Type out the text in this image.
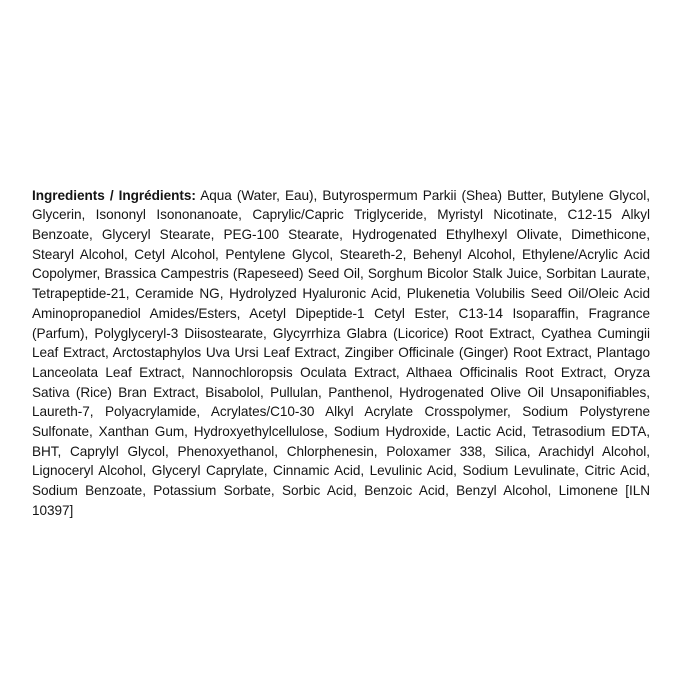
Ingredients / Ingrédients: Aqua (Water, Eau), Butyrospermum Parkii (Shea) Butter, Butylene Glycol, Glycerin, Isononyl Isononanoate, Caprylic/Capric Triglyceride, Myristyl Nicotinate, C12-15 Alkyl Benzoate, Glyceryl Stearate, PEG-100 Stearate, Hydrogenated Ethylhexyl Olivate, Dimethicone, Stearyl Alcohol, Cetyl Alcohol, Pentylene Glycol, Steareth-2, Behenyl Alcohol, Ethylene/Acrylic Acid Copolymer, Brassica Campestris (Rapeseed) Seed Oil, Sorghum Bicolor Stalk Juice, Sorbitan Laurate, Tetrapeptide-21, Ceramide NG, Hydrolyzed Hyaluronic Acid, Plukenetia Volubilis Seed Oil/Oleic Acid Aminopropanediol Amides/Esters, Acetyl Dipeptide-1 Cetyl Ester, C13-14 Isoparaffin, Fragrance (Parfum), Polyglyceryl-3 Diisostearate, Glycyrrhiza Glabra (Licorice) Root Extract, Cyathea Cumingii Leaf Extract, Arctostaphylos Uva Ursi Leaf Extract, Zingiber Officinale (Ginger) Root Extract, Plantago Lanceolata Leaf Extract, Nannochloropsis Oculata Extract, Althaea Officinalis Root Extract, Oryza Sativa (Rice) Bran Extract, Bisabolol, Pullulan, Panthenol, Hydrogenated Olive Oil Unsaponifiables, Laureth-7, Polyacrylamide, Acrylates/C10-30 Alkyl Acrylate Crosspolymer, Sodium Polystyrene Sulfonate, Xanthan Gum, Hydroxyethylcellulose, Sodium Hydroxide, Lactic Acid, Tetrasodium EDTA, BHT, Caprylyl Glycol, Phenoxyethanol, Chlorphenesin, Poloxamer 338, Silica, Arachidyl Alcohol, Lignoceryl Alcohol, Glyceryl Caprylate, Cinnamic Acid, Levulinic Acid, Sodium Levulinate, Citric Acid, Sodium Benzoate, Potassium Sorbate, Sorbic Acid, Benzoic Acid, Benzyl Alcohol, Limonene [ILN 10397]
